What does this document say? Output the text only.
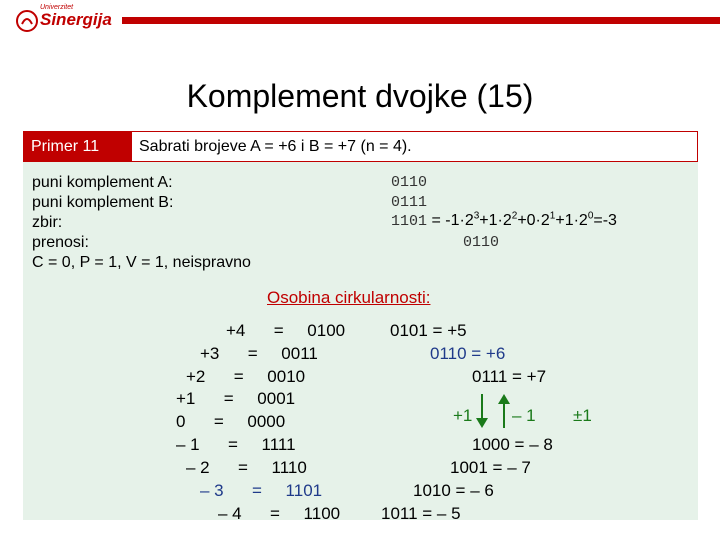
Univerzitet
Sinergija
Komplement dvojke (15)
Primer 11	Sabrati brojeve A = +6 i B = +7 (n = 4).
puni komplement A:
puni komplement B:
zbir:
prenosi:
C = 0, P = 1, V = 1, neispravno
0110
0111
$1101 = -1\cdot 2^3+1\cdot 2^2+0\cdot 2^1+1\cdot 2^0=-3$
0110
Osobina cirkularnosti:
+4 = 0100
+3 = 0011
+2 = 0010
+1 = 0001
0 = 0000
– 1 = 1111
– 2 = 1110
– 3 = 1101
– 4 = 1100
0101 = +5
0110 = +6
0111 = +7
1000 = – 8
1001 = – 7
1010 = – 6
1011 = – 5
+1 – 1 ±1
